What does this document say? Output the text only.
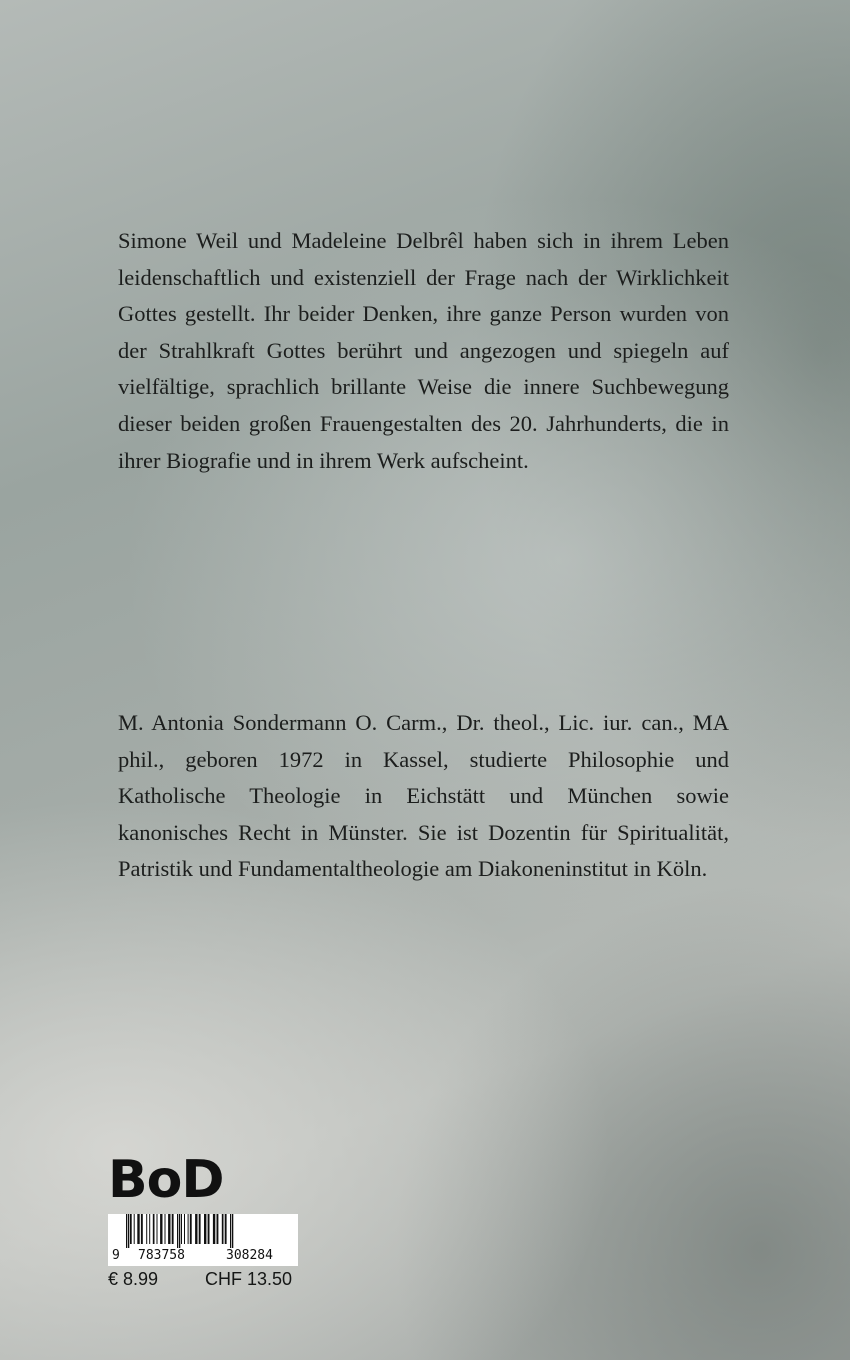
Simone Weil und Madeleine Delbrêl haben sich in ihrem Leben leidenschaftlich und existenziell der Frage nach der Wirklichkeit Gottes gestellt. Ihr beider Denken, ihre ganze Person wurden von der Strahlkraft Gottes berührt und angezogen und spiegeln auf vielfältige, sprachlich brillante Weise die innere Suchbewegung dieser beiden großen Frauengestalten des 20. Jahrhunderts, die in ihrer Biografie und in ihrem Werk aufscheint.

M. Antonia Sondermann O. Carm., Dr. theol., Lic. iur. can., MA phil., geboren 1972 in Kassel, studierte Philosophie und Katholische Theologie in Eichstätt und München sowie kanonisches Recht in Münster. Sie ist Dozentin für Spiritualität, Patristik und Fundamentaltheologie am Diakoneninstitut in Köln.

BoD
9 783758	308284
€ 8.99	CHF 13.50
